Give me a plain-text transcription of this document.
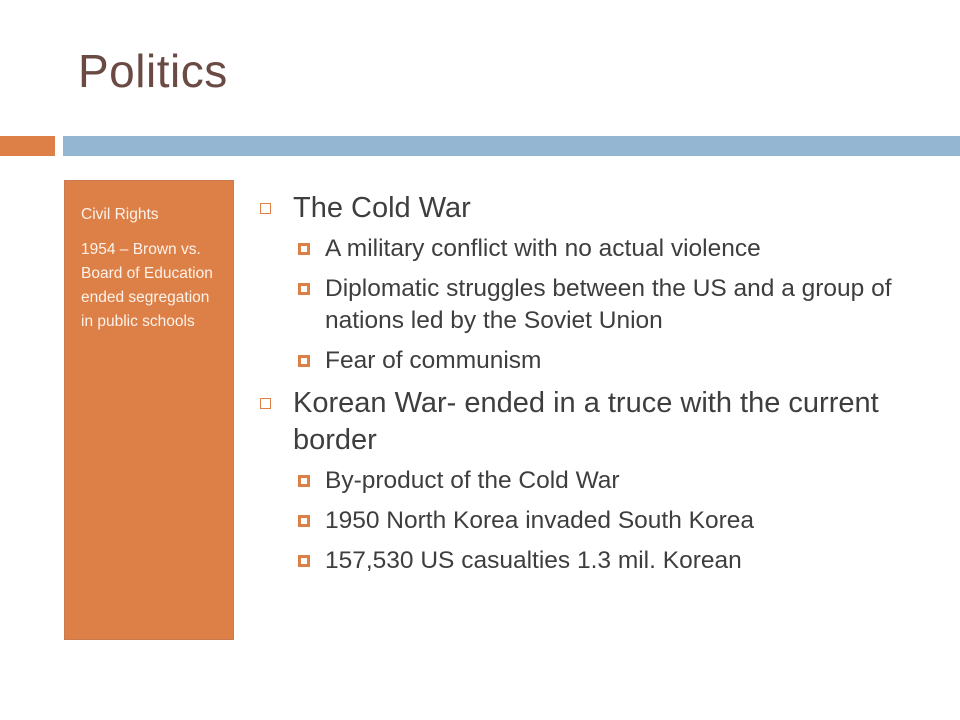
Politics

Civil Rights

1954 – Brown vs. Board of Education ended segregation in public schools

The Cold War
A military conflict with no actual violence
Diplomatic struggles between the US and a group of nations led by the Soviet Union
Fear of communism
Korean War- ended in a truce with the current border
By-product of the Cold War
1950 North Korea invaded South Korea
157,530 US casualties 1.3 mil. Korean
